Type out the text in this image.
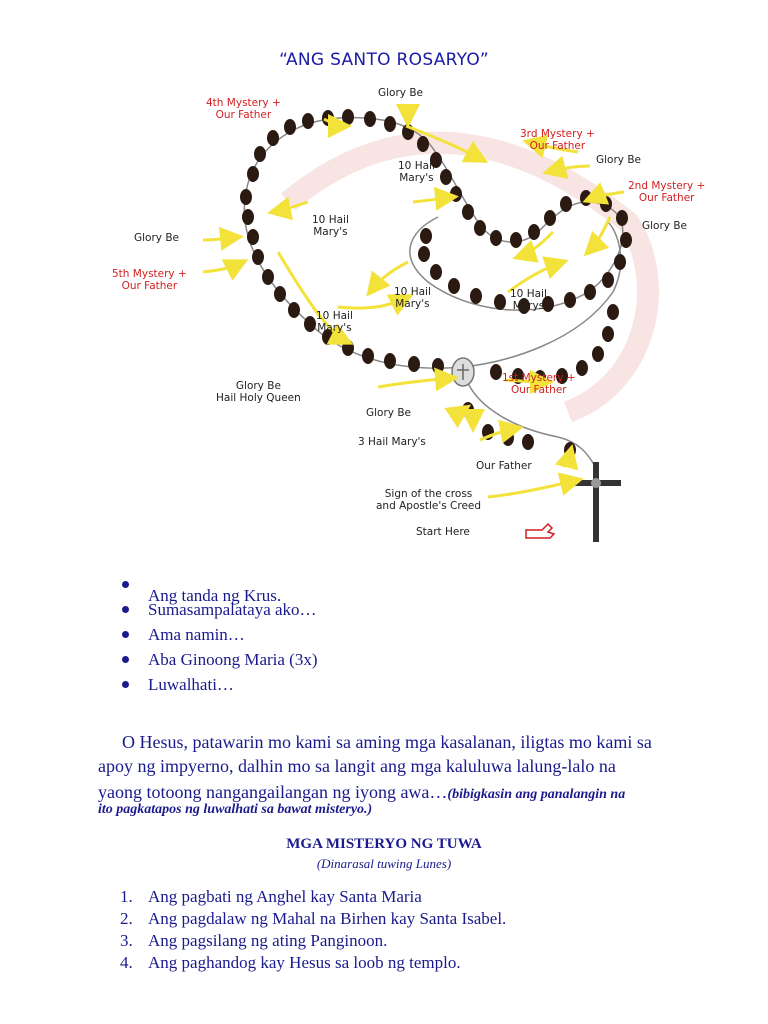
“ANG SANTO ROSARYO”
Glory Be
4th Mystery +
Our Father
3rd Mystery +
Our Father
Glory Be
10 Hail
Mary's
2nd Mystery +
Our Father
10 Hail
Mary's
Glory Be
Glory Be
5th Mystery +
Our Father	10 Hail
Mary's
10 Hail
Marys
10 Hail
Mary's
Glory Be
Hail Holy Queen
1st Mystery +
Our Father
Glory Be
3 Hail Mary's
Our Father
Sign of the cross
and Apostle's Creed
Start Here

Sumasampalataya ako…
Ama namin…
Aba Ginoong Maria (3x)
Luwalhati…
Ang tanda ng Krus.
O Hesus, patawarin mo kami sa aming mga kasalanan, iligtas mo kami sa
apoy ng impyerno, dalhin mo sa langit ang mga kaluluwa lalung-lalo na
yaong totoong nangangailangan ng iyong awa…(bibigkasin ang panalangin na
ito pagkatapos ng luwalhati sa bawat misteryo.)
MGA MISTERYO NG TUWA
(Dinarasal tuwing Lunes)
1. Ang pagbati ng Anghel kay Santa Maria
2. Ang pagdalaw ng Mahal na Birhen kay Santa Isabel.
3. Ang pagsilang ng ating Panginoon.
4. Ang paghandog kay Hesus sa loob ng templo.
